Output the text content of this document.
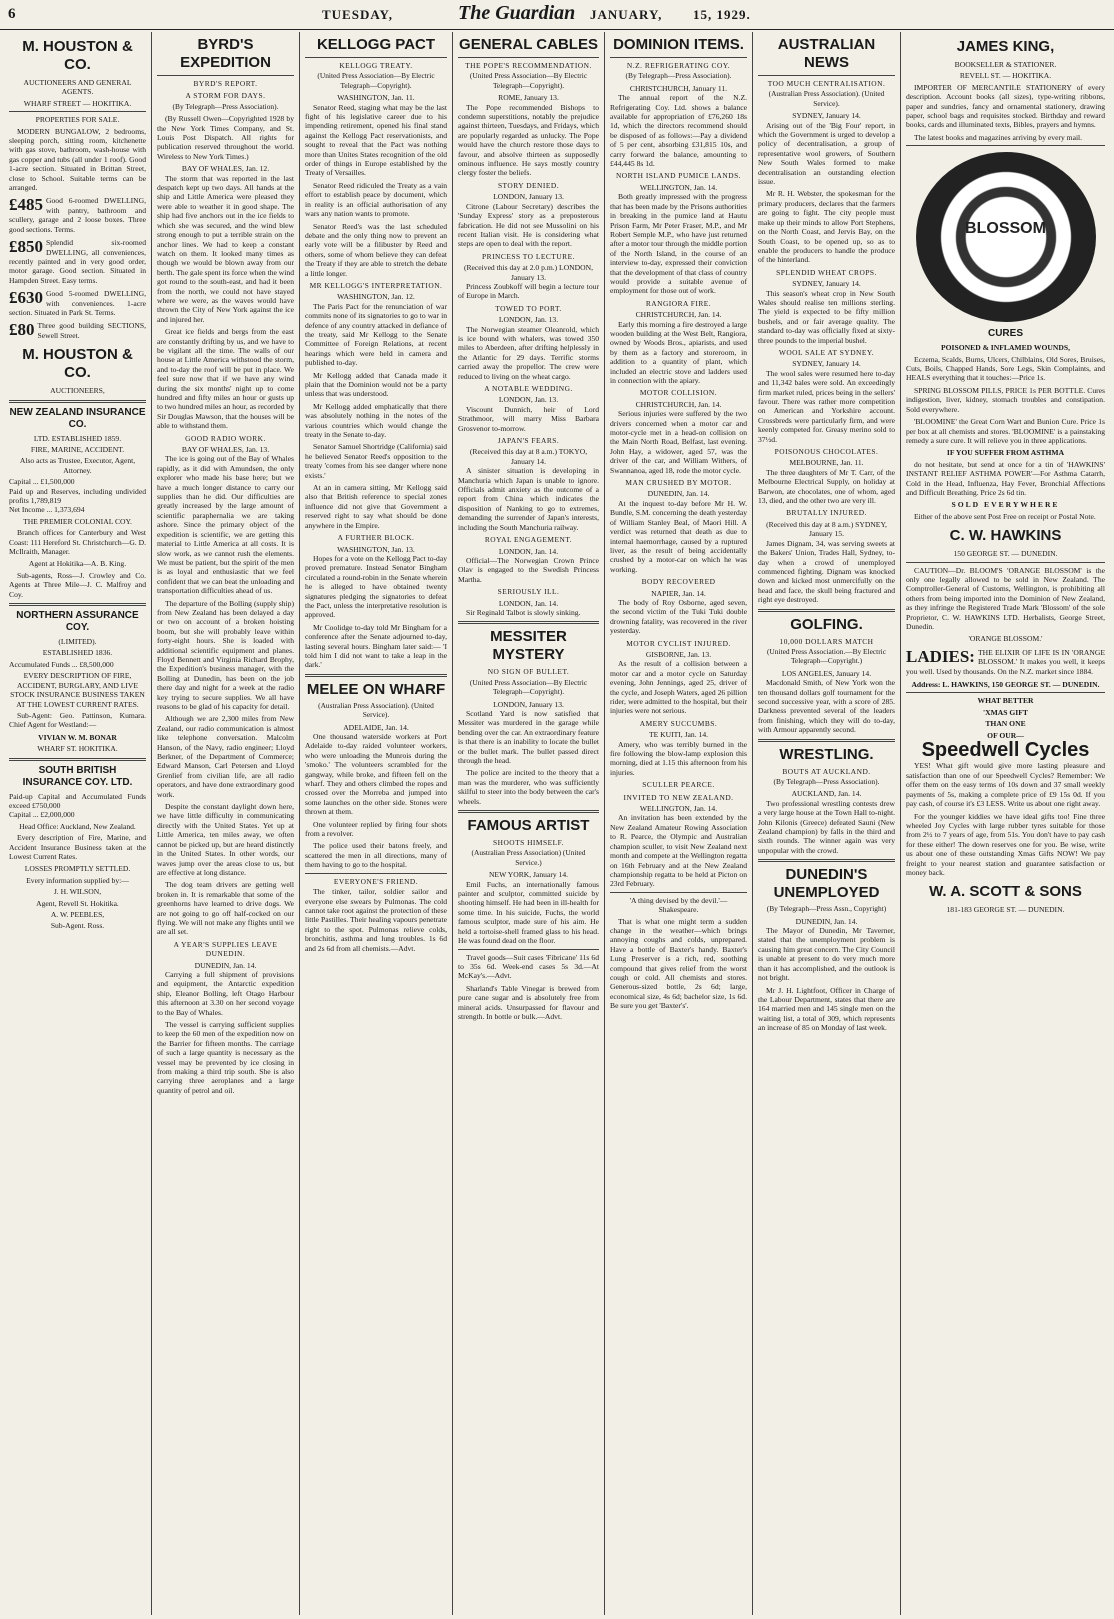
6	TUESDAY,	The Guardian JANUARY, 15, 1929.
M. HOUSTON & CO.
AUCTIONEERS AND GENERAL AGENTS.
WHARF STREET — HOKITIKA.
PROPERTIES FOR SALE.

MODERN BUNGALOW, 2 bedrooms, sleeping porch, sitting room, kitchenette with gas stove, bathroom, wash-house with gas copper and tubs (all under 1 roof). Good 1-acre section. Situated in Brittan Street, close to School. Suitable terms can be arranged.

£485 Good 6-roomed DWELLING, with pantry, bathroom and scullery, garage and 2 loose boxes. Three good sections. Terms.
£850 Splendid six-roomed DWELLING, all conveniences, recently painted and in very good order, motor garage. Good section. Situated in Hampden Street. Easy terms.
£630 Good 5-roomed DWELLING, with conveniences. 1-acre section. Situated in Park St. Terms.
£80 Three good building SECTIONS, Sewell Street.
M. HOUSTON & CO.
AUCTIONEERS,
NEW ZEALAND INSURANCE CO.
LTD. ESTABLISHED 1859.
FIRE, MARINE, ACCIDENT.
Also acts as Trustee, Executor, Agent, Attorney.
Capital ... £1,500,000
Paid up and Reserves, including undivided profits 1,789,819
Net Income ... 1,373,694
THE PREMIER COLONIAL COY.

Branch offices for Canterbury and West Coast: 111 Hereford St. Christchurch—G. D. McIlraith, Manager.

Agent at Hokitika—A. B. King.

Sub-agents, Ross—J. Crowley and Co. Agents at Three Mile—J. C. Malfroy and Coy.

NORTHERN ASSURANCE COY.
(LIMITED).
ESTABLISHED 1836.
Accumulated Funds ... £8,500,000
EVERY DESCRIPTION OF FIRE, ACCIDENT, BURGLARY, AND LIVE STOCK INSURANCE BUSINESS TAKEN AT THE LOWEST CURRENT RATES.

Sub-Agent: Geo. Pattinson, Kumara. Chief Agent for Westland:—

VIVIAN W. M. BONAR
WHARF ST. HOKITIKA.
SOUTH BRITISH INSURANCE COY. LTD.
Paid-up Capital and Accumulated Funds exceed £750,000
Capital ... £2,000,000
Head Office: Auckland, New Zealand.

Every description of Fire, Marine, and Accident Insurance Business taken at the Lowest Current Rates.

LOSSES PROMPTLY SETTLED.
Every information supplied by:—
J. H. WILSON,
Agent, Revell St. Hokitika.
A. W. PEEBLES,
Sub-Agent. Ross.
BYRD'S EXPEDITION
BYRD'S REPORT.
A STORM FOR DAYS.
(By Telegraph—Press Association).

(By Russell Owen—Copyrighted 1928 by the New York Times Company, and St. Louis Post Dispatch. All rights for publication reserved throughout the world. Wireless to New York Times.)

BAY OF WHALES, Jan. 12.

The storm that was reported in the last despatch kept up two days. All hands at the ship and Little America were pleased they were able to weather it in good shape. The ship had five anchors out in the ice fields to which she was secured, and the wind blew strong enough to put a terrible strain on the anchor lines. We had to keep a constant watch on them. It looked many times as though we would be blown away from our berth. The gale spent its force when the wind got round to the south-east, and had it been from the north, we could not have stayed where we were, as the waves would have thrown the City of New York against the ice and injured her.

Great ice fields and bergs from the east are constantly drifting by us, and we have to be vigilant all the time. The walls of our house at Little America withstood the storm, and to-day the roof will be put in place. We feel sure now that if we have any wind during the six months' night up to come hundred and fifty miles an hour or gusts up to two hundred miles an hour, as recorded by Sir Douglas Mawson, that the houses will be able to withstand them.

GOOD RADIO WORK.
BAY OF WHALES, Jan. 13.

The ice is going out of the Bay of Whales rapidly, as it did with Amundsen, the only explorer who made his base here; but we have a much longer distance to carry our supplies than he did. Our difficulties are greatly increased by the large amount of scientific paraphernalia we are taking ashore. Since the primary object of the expedition is scientific, we are getting this material to Little America at all costs. It is slow work, as we cannot rush the elements. We must be patient, but the spirit of the men is as loyal and enthusiastic that we feel confident that we can beat the unloading and transportation difficulties ahead of us.

The departure of the Bolling (supply ship) from New Zealand has been delayed a day or two on account of a broken hoisting boom, but she will probably leave within forty-eight hours. She is loaded with additional scientific equipment and planes. Floyd Bennett and Virginia Richard Brophy, the Expedition's business manager, with the Bolling at Dunedin, has been on the job there day and night for a week at the radio key trying to secure supplies. We all have reasons to be glad of his capacity for detail.

Although we are 2,300 miles from New Zealand, our radio communication is almost like telephone conversation. Malcolm Hanson, of the Navy, radio engineer; Lloyd Berkner, of the Department of Commerce; Edward Manson, Carl Petersen and Lloyd Grenlief from civilian life, are all radio operators, and have done extraordinary good work.

Despite the constant daylight down here, we have little difficulty in communicating directly with the United States. Yet up at Little America, ten miles away, we often cannot be picked up, but are heard distinctly in the United States. In other words, our waves jump over the areas close to us, but are effective at long distance.

The dog team drivers are getting well broken in. It is remarkable that some of the greenhorns have learned to drive dogs. We are not going to go off half-cocked on our flying. We will not make any flights until we are all set.

A YEAR'S SUPPLIES LEAVE DUNEDIN.
DUNEDIN, Jan. 14.

Carrying a full shipment of provisions and equipment, the Antarctic expedition ship, Eleanor Bolling, left Otago Harbour this afternoon at 3.30 on her second voyage to the Bay of Whales.

The vessel is carrying sufficient supplies to keep the 60 men of the expedition now on the Barrier for fifteen months. The carriage of such a large quantity is necessary as the vessel may be prevented by ice closing in from making a third trip south. She is also carrying three aeroplanes and a large quantity of petrol and oil.

KELLOGG PACT
KELLOGG TREATY.
(United Press Association—By Electric Telegraph—Copyright).
WASHINGTON, Jan. 11.

Senator Reed, staging what may be the last fight of his legislative career due to his impending retirement, opened his final stand against the Kellogg Pact reservationists, and sought to reveal that the Pact was nothing more than Unites States recognition of the old order of things in Europe established by the Treaty of Versailles.

Senator Reed ridiculed the Treaty as a vain effort to establish peace by document, which in reality is an official authorisation of any wars any nation wants to promote.

Senator Reed's was the last scheduled debate and the only thing now to prevent an early vote will be a filibuster by Reed and others, some of whom believe they can defeat the Treaty if they are able to stretch the debate a little longer.

MR KELLOGG'S INTERPRETATION.
WASHINGTON, Jan. 12.

The Paris Pact for the renunciation of war commits none of its signatories to go to war in defence of any country attacked in defiance of the treaty, said Mr Kellogg to the Senate Committee of Foreign Relations, at recent hearings which were held in camera and published to-day.

Mr Kellogg added that Canada made it plain that the Dominion would not be a party unless that was understood.

Mr Kellogg added emphatically that there was absolutely nothing in the notes of the various countries which would change the treaty in the Senate to-day.

Senator Samuel Shortridge (California) said he believed Senator Reed's opposition to the treaty 'comes from his see danger where none exists.'

At an in camera sitting, Mr Kellogg said also that British reference to special zones influence did not give that Government a reserved right to say what should be done anywhere in the Empire.

A FURTHER BLOCK.
WASHINGTON, Jan. 13.

Hopes for a vote on the Kellogg Pact to-day proved premature. Instead Senator Bingham circulated a round-robin in the Senate wherein he is alleged to have obtained twenty signatures pledging the signatories to defeat the Pact, unless the interpretative resolution is approved.

Mr Coolidge to-day told Mr Bingham for a conference after the Senate adjourned to-day, lasting several hours. Bingham later said:— 'I told him I did not want to take a leap in the dark.'

MELEE ON WHARF
(Australian Press Association). (United Service).
ADELAIDE, Jan. 14.

One thousand waterside workers at Port Adelaide to-day raided volunteer workers, who were unloading the Munrois during the 'smoko.' The volunteers scrambled for the gangway, while broke, and fifteen fell on the wharf. They and others climbed the ropes and crossed over the Morreba and jumped into some launches on the other side. Stones were thrown at them.

One volunteer replied by firing four shots from a revolver.

The police used their batons freely, and scattered the men in all directions, many of them having to go to the hospital.

EVERYONE'S FRIEND.

The tinker, tailor, soldier sailor and everyone else swears by Pulmonas. The cold cannot take root against the protection of these little Pastilles. Their healing vapours penetrate right to the spot. Pulmonas relieve colds, bronchitis, asthma and lung troubles. 1s 6d and 2s 6d from all chemists.—Advt.

GENERAL CABLES
THE POPE'S RECOMMENDATION.
(United Press Association—By Electric Telegraph—Copyright).
ROME, January 13.

The Pope recommended Bishops to condemn superstitions, notably the prejudice against thirteen, Tuesdays, and Fridays, which are popularly regarded as unlucky. The Pope would have the church restore those days to favour, and absolve thirteen as supposedly ominous influence. He says mostly country clergy foster the beliefs.

STORY DENIED.
LONDON, January 13.

Citrone (Labour Secretary) describes the 'Sunday Express' story as a preposterous fabrication. He did not see Mussolini on his recent Italian visit. He is considering what steps are open to deal with the report.

PRINCESS TO LECTURE.
(Received this day at 2.0 p.m.) LONDON, January 13.

Princess Zoubkoff will begin a lecture tour of Europe in March.

TOWED TO PORT.
LONDON, Jan. 13.

The Norwegian steamer Oleanrold, which is ice bound with whalers, was towed 350 miles to Aberdeen, after drifting helplessly in the Atlantic for 29 days. Terrific storms carried away the propellor. The crew were reduced to living on the wheat cargo.

A NOTABLE WEDDING.
LONDON, Jan. 13.

Viscount Dunnich, heir of Lord Strathmoor, will marry Miss Barbara Grosvenor to-morrow.

JAPAN'S FEARS.
(Received this day at 8 a.m.) TOKYO, January 14.

A sinister situation is developing in Manchuria which Japan is unable to ignore. Officials admit anxiety as the outcome of a report from China which indicates the disposition of Nanking to go to extremes, demanding the surrender of Japan's interests, including the South Manchuria railway.

ROYAL ENGAGEMENT.
LONDON, Jan. 14.

Official—The Norwegian Crown Prince Olav is engaged to the Swedish Princess Martha.

SERIOUSLY ILL.
LONDON, Jan. 14.

Sir Reginald Talbot is slowly sinking.

MESSITER MYSTERY
NO SIGN OF BULLET.
(United Press Association—By Electric Telegraph—Copyright).
LONDON, January 13.

Scotland Yard is now satisfied that Messiter was murdered in the garage while bending over the car. An extraordinary feature is that there is an inability to locate the bullet or the bullet mark. The bullet passed direct through the head.

The police are incited to the theory that a man was the murderer, who was sufficiently skilful to steer into the body between the car's wheels.

FAMOUS ARTIST
SHOOTS HIMSELF.
(Australian Press Association) (United Service.)
NEW YORK, January 14.

Emil Fuchs, an internationally famous painter and sculptor, committed suicide by shooting himself. He had been in ill-health for some time. In his suicide, Fuchs, the world famous sculptor, made sure of his aim. He held a tortoise-shell framed glass to his head. He was found dead on the floor.

Travel goods—Suit cases 'Fibricane' 11s 6d to 35s 6d. Week-end cases 5s 3d.—At McKay's.—Advt.

Sharland's Table Vinegar is brewed from pure cane sugar and is absolutely free from mineral acids. Unsurpassed for flavour and strength. In bottle or bulk.—Advt.

DOMINION ITEMS.
N.Z. REFRIGERATING COY.
(By Telegraph—Press Association).
CHRISTCHURCH, January 11.

The annual report of the N.Z. Refrigerating Coy. Ltd. shows a balance available for appropriation of £76,260 18s 1d, which the directors recommend should be disposed of as follows:—Pay a dividend of 5 per cent, absorbing £31,815 10s, and carry forward the balance, amounting to £44,445 8s 1d.

NORTH ISLAND PUMICE LANDS.
WELLINGTON, Jan. 14.

Both greatly impressed with the progress that has been made by the Prisons authorities in breaking in the pumice land at Hautu Prison Farm, Mr Peter Fraser, M.P., and Mr Robert Semple M.P., who have just returned after a motor tour through the middle portion of the North Island, in the course of an interview to-day, expressed their conviction that the development of that class of country would provide a suitable avenue of employment for those out of work.

RANGIORA FIRE.
CHRISTCHURCH, Jan. 14.

Early this morning a fire destroyed a large wooden building at the West Belt, Rangiora, owned by Woods Bros., apiarists, and used by them as a factory and storeroom, in addition to a quantity of plant, which included an electric stove and ladders used in connection with the apiary.

MOTOR COLLISION.
CHRISTCHURCH, Jan. 14.

Serious injuries were suffered by the two drivers concerned when a motor car and motor-cycle met in a head-on collision on the Main North Road, Belfast, last evening. John Hay, a widower, aged 57, was the driver of the car, and William Withers, of Swannanoa, aged 18, rode the motor cycle.

MAN CRUSHED BY MOTOR.
DUNEDIN, Jan. 14.

At the inquest to-day before Mr H. W. Bundle, S.M. concerning the death yesterday of William Stanley Beal, of Maori Hill. A verdict was returned that death as due to internal haemorrhage, caused by a ruptured liver, as the result of being accidentally crushed by a motor-car on which he was working.

BODY RECOVERED
NAPIER, Jan. 14.

The body of Roy Osborne, aged seven, the second victim of the Tuki Tuki double drowning fatality, was recovered in the river yesterday.

MOTOR CYCLIST INJURED.
GISBORNE, Jan. 13.

As the result of a collision between a motor car and a motor cycle on Saturday evening, John Jennings, aged 25, driver of the cycle, and Joseph Waters, aged 26 pillion rider, were admitted to the hospital, but their injuries were not serious.

AMERY SUCCUMBS.
TE KUITI, Jan. 14.

Amery, who was terribly burned in the fire following the blow-lamp explosion this morning, died at 1.15 this afternoon from his injuries.

SCULLER PEARCE.
INVITED TO NEW ZEALAND.
WELLINGTON, Jan. 14.

An invitation has been extended by the New Zealand Amateur Rowing Association to R. Pearce, the Olympic and Australian champion sculler, to visit New Zealand next month and compete at the Wellington regatta on 16th February and at the New Zealand championship regatta to be held at Picton on 23rd February.

'A thing devised by the devil.'—Shakespeare.

That is what one might term a sudden change in the weather—which brings annoying coughs and colds, unprepared. Have a bottle of Baxter's handy. Baxter's Lung Preserver is a rich, red, soothing compound that gives relief from the worst cough or cold. All chemists and stores. Generous-sized bottle, 2s 6d; large, economical size, 4s 6d; bachelor size, 1s 6d. Be sure you get 'Baxter's'.

AUSTRALIAN NEWS
TOO MUCH CENTRALISATION.
(Australian Press Association). (United Service).
SYDNEY, January 14.

Arising out of the 'Big Four' report, in which the Government is urged to develop a policy of decentralisation, a group of representative wool growers, of Southern New South Wales formed to make decentralisation an outstanding election issue.

Mr R. H. Webster, the spokesman for the primary producers, declares that the farmers are going to fight. The city people must make up their minds to allow Port Stephens, on the North Coast, and Jervis Bay, on the South Coast, to be opened up, so as to enable the producers to handle the produce of the hinterland.

SPLENDID WHEAT CROPS.
SYDNEY, January 14.

This season's wheat crop in New South Wales should realise ten millions sterling. The yield is expected to be fifty million bushels, and or fair average quality. The standard to-day was officially fixed at sixty-three pounds to the imperial bushel.

WOOL SALE AT SYDNEY.
SYDNEY, January 14.

The wool sales were resumed here to-day and 11,342 bales were sold. An exceedingly firm market ruled, prices being in the sellers' favour. There was rather more competition on American and Yorkshire account. Crossbreds were particularly firm, and were keenly competed for. Greasy merino sold to 37½d.

POISONOUS CHOCOLATES.
MELBOURNE, Jan. 11.

The three daughters of Mr T. Carr, of the Melbourne Electrical Supply, on holiday at Barwon, ate chocolates, one of whom, aged 13, died, and the other two are very ill.

BRUTALLY INJURED.
(Received this day at 8 a.m.) SYDNEY, January 15.

James Dignam, 34, was serving sweets at the Bakers' Union, Trades Hall, Sydney, to-day when a crowd of unemployed commenced fighting. Dignam was knocked down and kicked most unmercifully on the head and face, the skull being fractured and right eye destroyed.

GOLFING.
10,000 DOLLARS MATCH
(United Press Association.—By Electric Telegraph—Copyright.)
LOS ANGELES, January 14.

Macdonald Smith, of New York won the ten thousand dollars golf tournament for the second successive year, with a score of 285. Darkness prevented several of the leaders from finishing, which they will do to-day, with Armour apparently second.

WRESTLING.
BOUTS AT AUCKLAND.
(By Telegraph—Press Association).
AUCKLAND, Jan. 14.

Two professional wrestling contests drew a very large house at the Town Hall to-night. John Kilonis (Greece) defeated Sauni (New Zealand champion) by falls in the third and sixth rounds. The winner again was very unpopular with the crowd.

DUNEDIN'S UNEMPLOYED
(By Telegraph—Press Assn., Copyright)
DUNEDIN, Jan. 14.

The Mayor of Dunedin, Mr Taverner, stated that the unemployment problem is causing him great concern. The City Council is unable at present to do very much more than it has accomplished, and the outlook is not bright.

Mr J. H. Lightfoot, Officer in Charge of the Labour Department, states that there are 164 married men and 145 single men on the waiting list, a total of 309, which represents an increase of 85 on Monday of last week.

JAMES KING,
BOOKSELLER & STATIONER.
REVELL ST. — HOKITIKA.

IMPORTER OF MERCANTILE STATIONERY of every description. Account books (all sizes), type-writing ribbons, paper and sundries, fancy and ornamental stationery, drawing paper, school bags and requisites stocked. Birthday and reward books, cards and illuminated texts, Bibles, prayers and hymns.

The latest books and magazines arriving by every mail.

BLOSSOM
CURES
POISONED & INFLAMED WOUNDS,

Eczema, Scalds, Burns, Ulcers, Chilblains, Old Sores, Bruises, Cuts, Boils, Chapped Hands, Sore Legs, Skin Complaints, and HEALS everything that it touches:—Price 1s.

SPRING BLOSSOM PILLS, PRICE 1s PER BOTTLE. Cures indigestion, liver, kidney, stomach troubles and constipation. Sold everywhere.

'BLOOMINE' the Great Corn Wart and Bunion Cure. Price 1s per box at all chemists and stores. 'BLOOMINE' is a painstaking remedy a sure cure. It will relieve you in three applications.

IF YOU SUFFER FROM ASTHMA

do not hesitate, but send at once for a tin of 'HAWKINS' INSTANT RELIEF ASTHMA POWER'—For Asthma Catarrh, Cold in the Head, Influenza, Hay Fever, Bronchial Affections and Difficult Breathing. Price 2s 6d tin.

SOLD EVERYWHERE

Either of the above sent Post Free on receipt or Postal Note.

C. W. HAWKINS
150 GEORGE ST. — DUNEDIN.

CAUTION—Dr. BLOOM'S 'ORANGE BLOSSOM' is the only one legally allowed to be sold in New Zealand. The Comptroller-General of Customs, Wellington, is prohibiting all others from being imported into the Dominion of New Zealand, as they infringe the Registered Trade Mark 'Blossom' of the sole Proprietor, C. W. HAWKINS LTD. Herbalists, George Street, Dunedin.

'ORANGE BLOSSOM.'
LADIES: THE ELIXIR OF LIFE IS IN 'ORANGE BLOSSOM.' It makes you well, it keeps you well. Used by thousands. On the N.Z. market since 1884.
Address: L. HAWKINS, 150 GEORGE ST. — DUNEDIN.
WHAT BETTER
'XMAS GIFT
THAN ONE
OF OUR—
Speedwell Cycles

YES! What gift would give more lasting pleasure and satisfaction than one of our Speedwell Cycles? Remember: We offer them on the easy terms of 10s down and 37 small weekly payments of 5s, making a complete price of £9 15s 0d. If you pay cash, of course it's £3 LESS. Write us about one right away.

For the younger kiddies we have ideal gifts too! Fine three wheeled Joy Cycles with large rubber tyres suitable for those from 2½ to 7 years of age, from 51s. You don't have to pay cash for these either! The down reserves one for you. Be wise, write us about one of these outstanding Xmas Gifts NOW! We pay freight to your nearest station and guarantee satisfaction or money back.

W. A. SCOTT & SONS
181-183 GEORGE ST. — DUNEDIN.
